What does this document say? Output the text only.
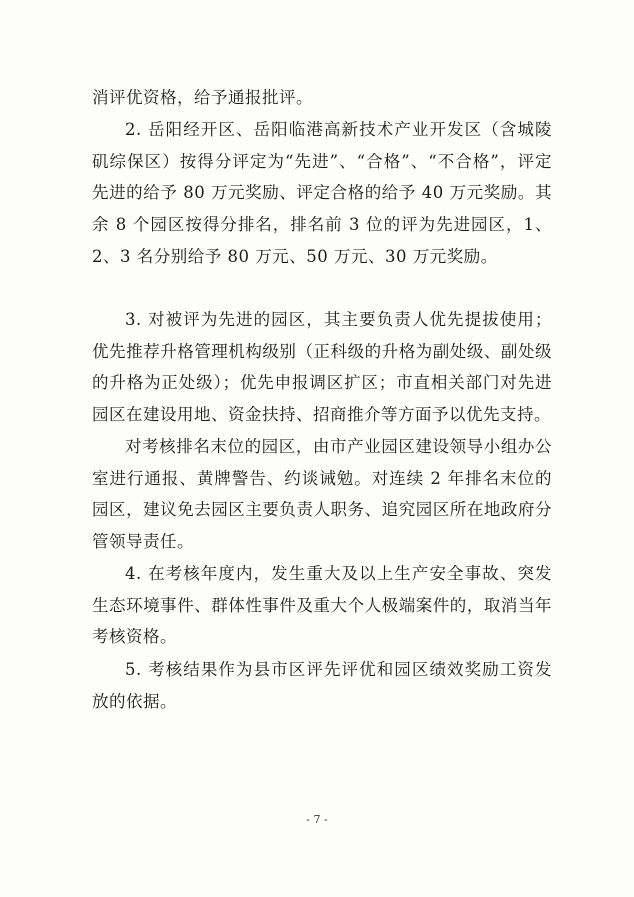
消评优资格，给予通报批评。

2. 岳阳经开区、岳阳临港高新技术产业开发区（含城陵矶综保区）按得分评定为“先进”、“合格”、“不合格”，评定先进的给予 80 万元奖励、评定合格的给予 40 万元奖励。其余 8 个园区按得分排名，排名前 3 位的评为先进园区，1、2、3 名分别给予 80 万元、50 万元、30 万元奖励。

3. 对被评为先进的园区，其主要负责人优先提拔使用；优先推荐升格管理机构级别（正科级的升格为副处级、副处级的升格为正处级）；优先申报调区扩区；市直相关部门对先进园区在建设用地、资金扶持、招商推介等方面予以优先支持。

对考核排名末位的园区，由市产业园区建设领导小组办公室进行通报、黄牌警告、约谈诫勉。对连续 2 年排名末位的园区，建议免去园区主要负责人职务、追究园区所在地政府分管领导责任。

4. 在考核年度内，发生重大及以上生产安全事故、突发生态环境事件、群体性事件及重大个人极端案件的，取消当年考核资格。

5. 考核结果作为县市区评先评优和园区绩效奖励工资发放的依据。

- 7 -
